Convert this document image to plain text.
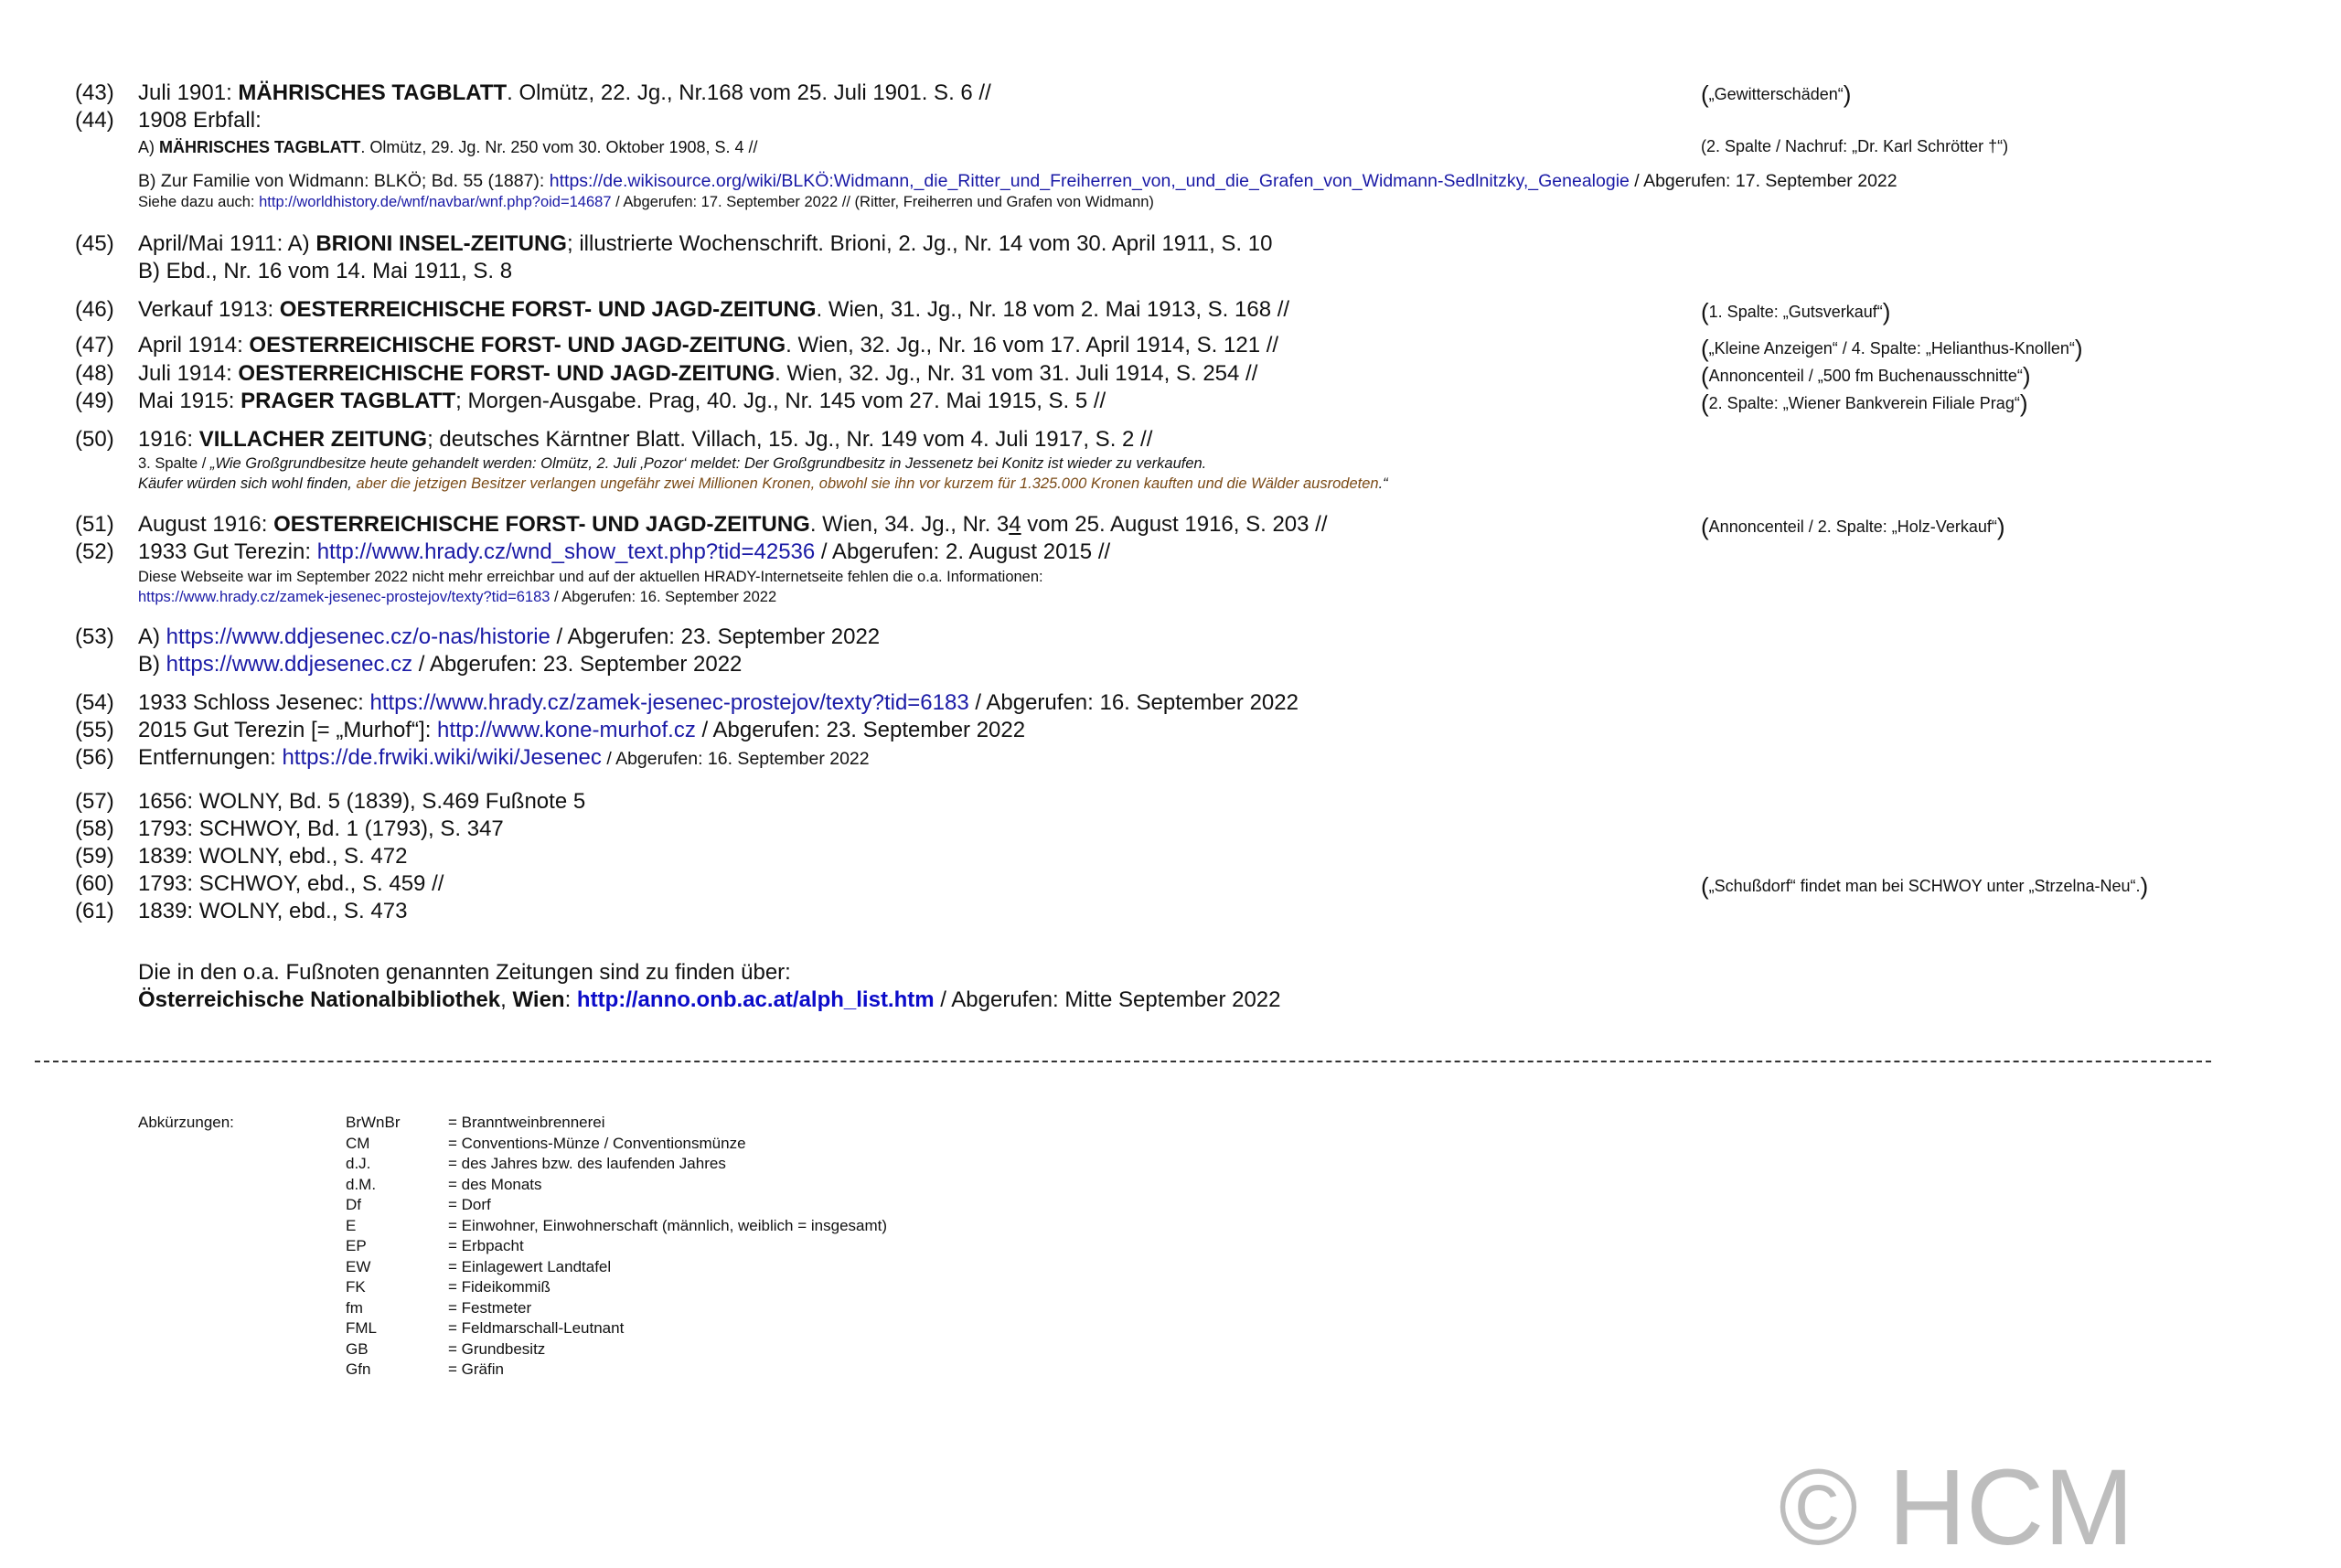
(43) Juli 1901: MÄHRISCHES TAGBLATT. Olmütz, 22. Jg., Nr.168 vom 25. Juli 1901. S. 6 //	(„Gewitterschäden“)
(44) 1908 Erbfall:
A) MÄHRISCHES TAGBLATT. Olmütz, 29. Jg. Nr. 250 vom 30. Oktober 1908, S. 4 //	(2. Spalte / Nachruf: „Dr. Karl Schrötter †“)
B) Zur Familie von Widmann: BLKÖ; Bd. 55 (1887): https://de.wikisource.org/wiki/BLKÖ:Widmann,_die_Ritter_und_Freiherren_von,_und_die_Grafen_von_Widmann-Sedlnitzky,_Genealogie / Abgerufen: 17. September 2022
Siehe dazu auch: http://worldhistory.de/wnf/navbar/wnf.php?oid=14687 / Abgerufen: 17. September 2022 // (Ritter, Freiherren und Grafen von Widmann)
(45) April/Mai 1911: A) BRIONI INSEL-ZEITUNG; illustrierte Wochenschrift. Brioni, 2. Jg., Nr. 14 vom 30. April 1911, S. 10
B) Ebd., Nr. 16 vom 14. Mai 1911, S. 8
(46) Verkauf 1913: OESTERREICHISCHE FORST- UND JAGD-ZEITUNG. Wien, 31. Jg., Nr. 18 vom 2. Mai 1913, S. 168 //	(1. Spalte: „Gutsverkauf“)
(47) April 1914: OESTERREICHISCHE FORST- UND JAGD-ZEITUNG. Wien, 32. Jg., Nr. 16 vom 17. April 1914, S. 121 //	(„Kleine Anzeigen“ / 4. Spalte: „Helianthus-Knollen“)
(48) Juli 1914: OESTERREICHISCHE FORST- UND JAGD-ZEITUNG. Wien, 32. Jg., Nr. 31 vom 31. Juli 1914, S. 254 //	(Annoncenteil / „500 fm Buchenausschnitte“)
(49) Mai 1915: PRAGER TAGBLATT; Morgen-Ausgabe. Prag, 40. Jg., Nr. 145 vom 27. Mai 1915, S. 5 //	(2. Spalte: „Wiener Bankverein Filiale Prag“)
(50) 1916: VILLACHER ZEITUNG; deutsches Kärntner Blatt. Villach, 15. Jg., Nr. 149 vom 4. Juli 1917, S. 2 //
3. Spalte / „Wie Großgrundbesitze heute gehandelt werden: Olmütz, 2. Juli ‚Pozor‘ meldet: Der Großgrundbesitz in Jessenetz bei Konitz ist wieder zu verkaufen.
Käufer würden sich wohl finden, aber die jetzigen Besitzer verlangen ungefähr zwei Millionen Kronen, obwohl sie ihn vor kurzem für 1.325.000 Kronen kauften und die Wälder ausrodeten.“
(51) August 1916: OESTERREICHISCHE FORST- UND JAGD-ZEITUNG. Wien, 34. Jg., Nr. 34 vom 25. August 1916, S. 203 //	(Annoncenteil / 2. Spalte: „Holz-Verkauf“)
(52) 1933 Gut Terezin: http://www.hrady.cz/wnd_show_text.php?tid=42536 / Abgerufen: 2. August 2015 //
Diese Webseite war im September 2022 nicht mehr erreichbar und auf der aktuellen HRADY-Internetseite fehlen die o.a. Informationen:
https://www.hrady.cz/zamek-jesenec-prostejov/texty?tid=6183 / Abgerufen: 16. September 2022
(53) A) https://www.ddjesenec.cz/o-nas/historie / Abgerufen: 23. September 2022
B) https://www.ddjesenec.cz / Abgerufen: 23. September 2022
(54) 1933 Schloss Jesenec: https://www.hrady.cz/zamek-jesenec-prostejov/texty?tid=6183 / Abgerufen: 16. September 2022
(55) 2015 Gut Terezin [= „Murhof“]: http://www.kone-murhof.cz / Abgerufen: 23. September 2022
(56) Entfernungen: https://de.frwiki.wiki/wiki/Jesenec / Abgerufen: 16. September 2022
(57) 1656: WOLNY, Bd. 5 (1839), S.469 Fußnote 5
(58) 1793: SCHWOY, Bd. 1 (1793), S. 347
(59) 1839: WOLNY, ebd., S. 472
(60) 1793: SCHWOY, ebd., S. 459 //	(„Schußdorf“ findet man bei SCHWOY unter „Strzelna-Neu“.)
(61) 1839: WOLNY, ebd., S. 473
Die in den o.a. Fußnoten genannten Zeitungen sind zu finden über:
Österreichische Nationalbibliothek, Wien: http://anno.onb.ac.at/alph_list.htm / Abgerufen: Mitte September 2022
Abkürzungen:	BrWnBr	= Branntweinbrennerei
CM	= Conventions-Münze / Conventionsmünze
d.J.	= des Jahres bzw. des laufenden Jahres
d.M.	= des Monats
Df	= Dorf
E	= Einwohner, Einwohnerschaft (männlich, weiblich = insgesamt)
EP	= Erbpacht
EW	= Einlagewert Landtafel
FK	= Fideikommiß
fm	= Festmeter
FML	= Feldmarschall-Leutnant
GB	= Grundbesitz
Gfn	= Gräfin
© HCM
